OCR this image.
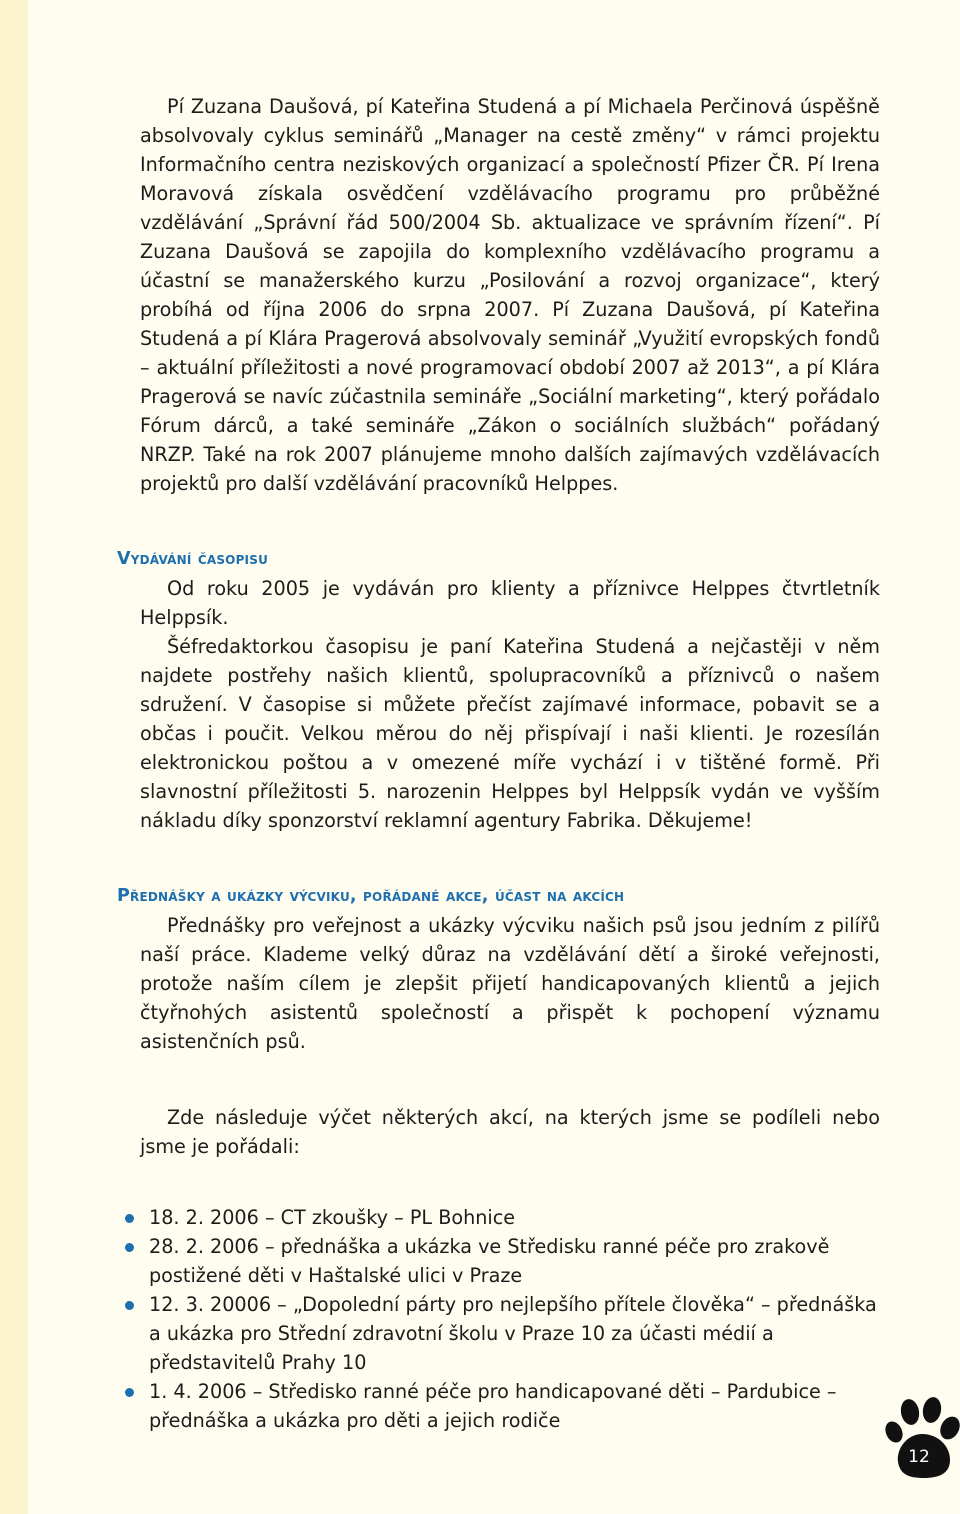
Pí Zuzana Daušová, pí Kateřina Studená a pí Michaela Perčinová úspěšně absolvovaly cyklus seminářů „Manager na cestě změny“ v rámci projektu Informačního centra neziskových organizací a společností Pfizer ČR. Pí Irena Moravová získala osvědčení vzdělávacího programu pro průběžné vzdělávání „Správní řád 500/2004 Sb. aktualizace ve správním řízení“. Pí Zuzana Daušová se zapojila do komplexního vzdělávacího programu a účastní se manažerského kurzu „Posilování a rozvoj organizace“, který probíhá od října 2006 do srpna 2007. Pí Zuzana Daušová, pí Kateřina Studená a pí Klára Pragerová absolvovaly seminář „Využití evropských fondů – aktuální příležitosti a nové programovací období 2007 až 2013“, a pí Klára Pragerová se navíc zúčastnila semináře „Sociální marketing“, který pořádalo Fórum dárců, a také semináře „Zákon o sociálních službách“ pořádaný NRZP. Také na rok 2007 plánujeme mnoho dalších zajímavých vzdělávacích projektů pro další vzdělávání pracovníků Helppes.

Vydávání časopisu

Od roku 2005 je vydáván pro klienty a příznivce Helppes čtvrtletník Helppsík.

Šéfredaktorkou časopisu je paní Kateřina Studená a nejčastěji v něm najdete postřehy našich klientů, spolupracovníků a příznivců o našem sdružení. V časopise si můžete přečíst zajímavé informace, pobavit se a občas i poučit. Velkou měrou do něj přispívají i naši klienti. Je rozesílán elektronickou poštou a v omezené míře vychází i v tištěné formě. Při slavnostní příležitosti 5. narozenin Helppes byl Helppsík vydán ve vyšším nákladu díky sponzorství reklamní agentury Fabrika. Děkujeme!

Přednášky a ukázky výcviku, pořádané akce, účast na akcích

Přednášky pro veřejnost a ukázky výcviku našich psů jsou jedním z pilířů naší práce. Klademe velký důraz na vzdělávání dětí a široké veřejnosti, protože naším cílem je zlepšit přijetí handicapovaných klientů a jejich čtyřnohých asistentů společností a přispět k pochopení významu asistenčních psů.

Zde následuje výčet některých akcí, na kterých jsme se podíleli nebo jsme je pořádali:

18. 2. 2006 – CT zkoušky – PL Bohnice
28. 2. 2006 – přednáška a ukázka ve Středisku ranné péče pro zrakově postižené děti v Haštalské ulici v Praze
12. 3. 20006 – „Dopolední párty pro nejlepšího přítele člověka“ – přednáška a ukázka pro Střední zdravotní školu v Praze 10 za účasti médií a představitelů Prahy 10
1. 4. 2006 – Středisko ranné péče pro handicapované děti – Pardubice – přednáška a ukázka pro děti a jejich rodiče
12
